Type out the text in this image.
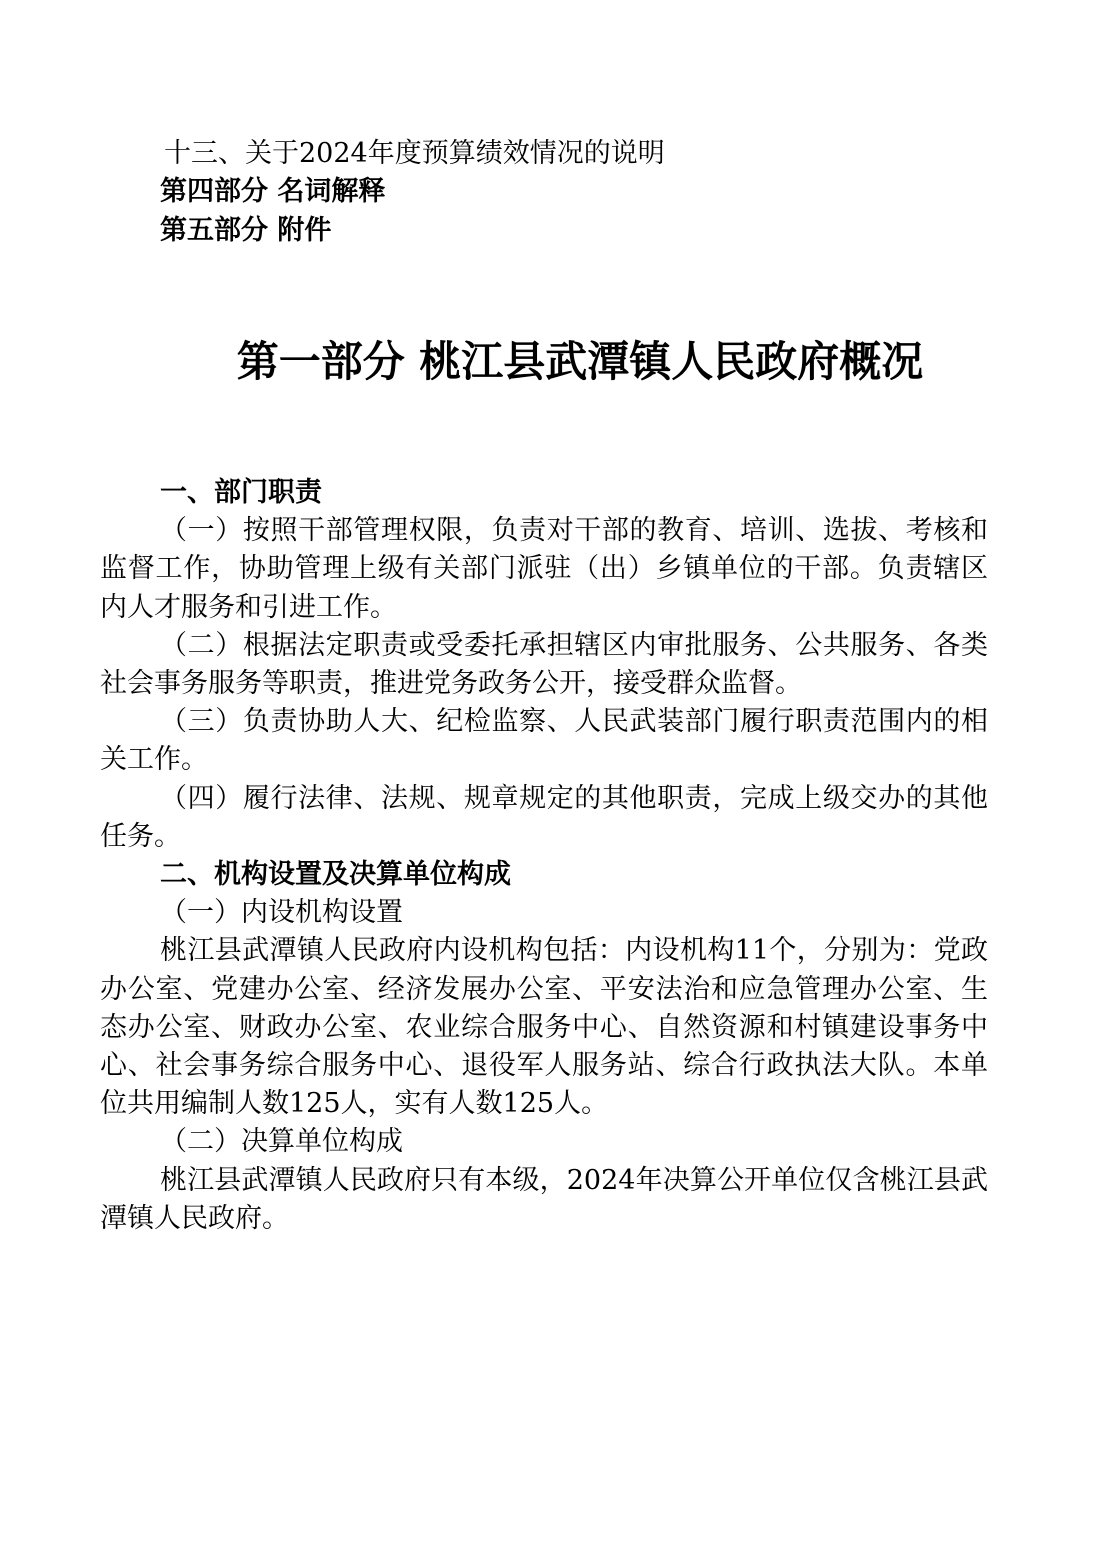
十三、关于2024年度预算绩效情况的说明
第四部分 名词解释
第五部分 附件
第一部分 桃江县武潭镇人民政府概况

一、部门职责

（一）按照干部管理权限，负责对干部的教育、培训、选拔、考核和监督工作，协助管理上级有关部门派驻（出）乡镇单位的干部。负责辖区内人才服务和引进工作。

（二）根据法定职责或受委托承担辖区内审批服务、公共服务、各类社会事务服务等职责，推进党务政务公开，接受群众监督。

（三）负责协助人大、纪检监察、人民武装部门履行职责范围内的相关工作。

（四）履行法律、法规、规章规定的其他职责，完成上级交办的其他任务。

二、机构设置及决算单位构成

（一）内设机构设置

桃江县武潭镇人民政府内设机构包括：内设机构11个，分别为：党政办公室、党建办公室、经济发展办公室、平安法治和应急管理办公室、生态办公室、财政办公室、农业综合服务中心、自然资源和村镇建设事务中心、社会事务综合服务中心、退役军人服务站、综合行政执法大队。本单位共用编制人数125人，实有人数125人。

（二）决算单位构成

桃江县武潭镇人民政府只有本级，2024年决算公开单位仅含桃江县武潭镇人民政府。
